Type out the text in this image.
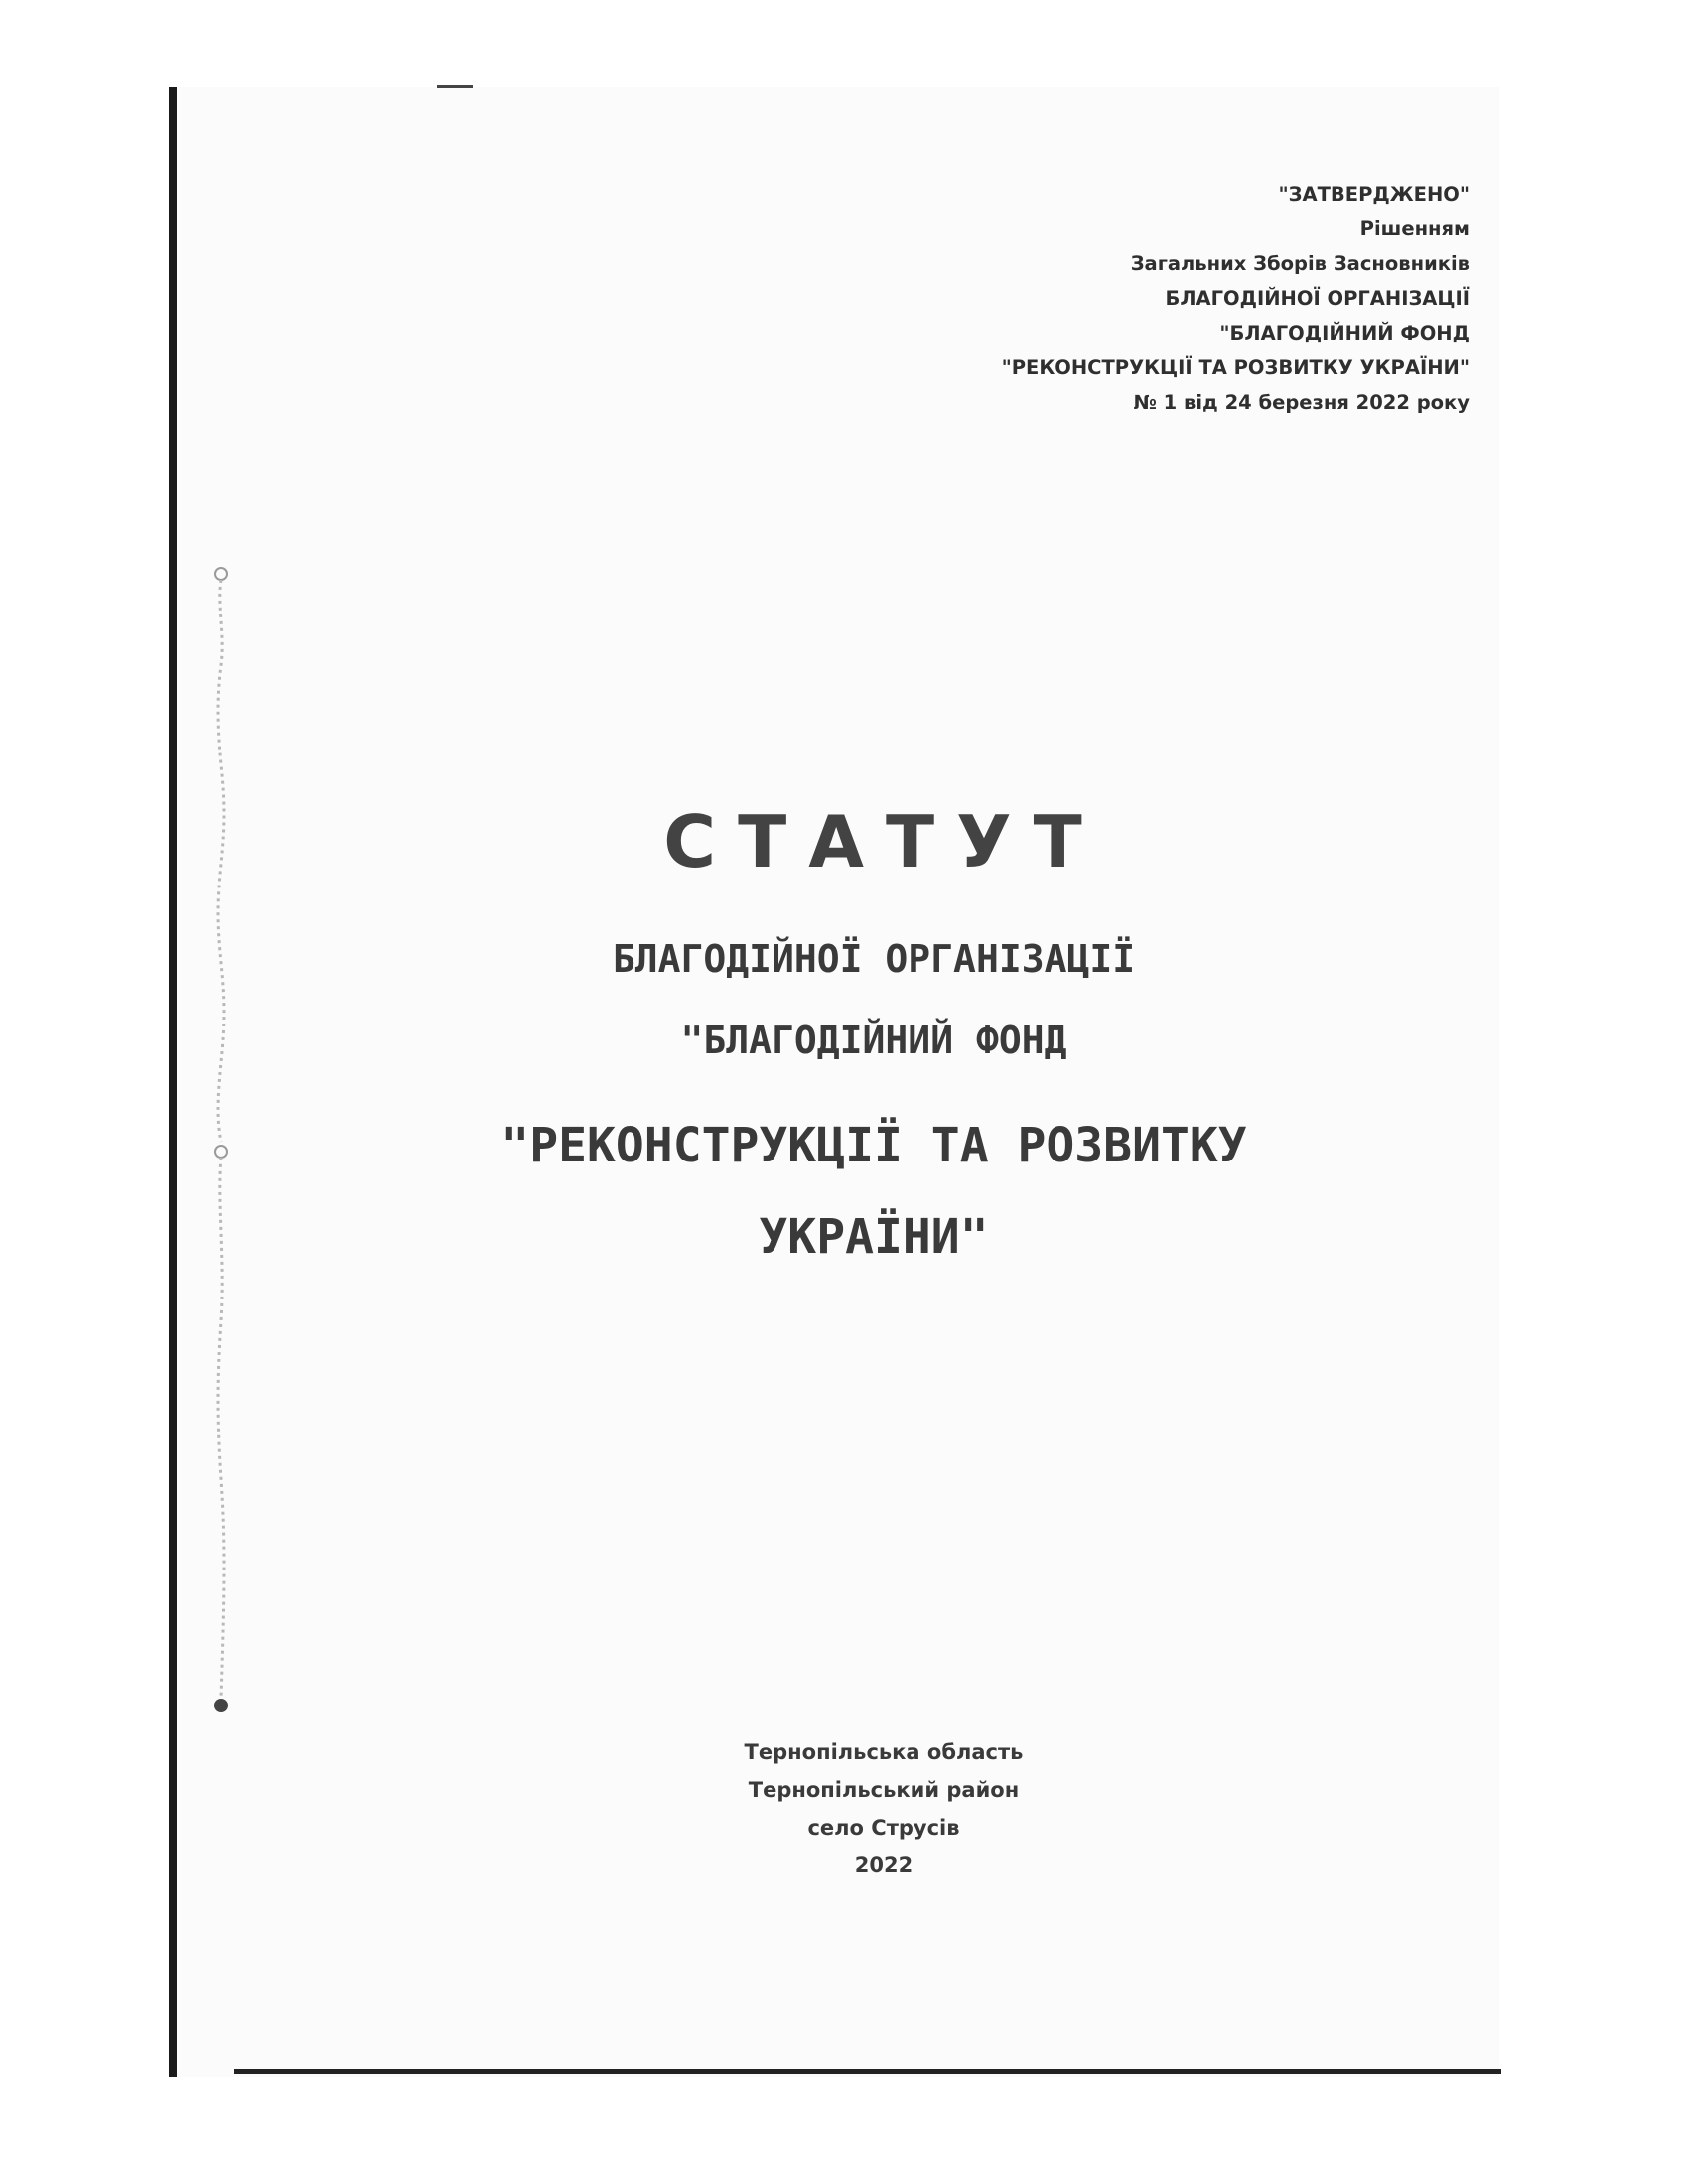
"ЗАТВЕРДЖЕНО"
Рішенням
Загальних Зборів Засновників
БЛАГОДІЙНОЇ ОРГАНІЗАЦІЇ
"БЛАГОДІЙНИЙ ФОНД
"РЕКОНСТРУКЦІЇ ТА РОЗВИТКУ УКРАЇНИ"
№ 1 від 24 березня 2022 року
СТАТУТ
БЛАГОДІЙНОЇ ОРГАНІЗАЦІЇ
"БЛАГОДІЙНИЙ ФОНД
"РЕКОНСТРУКЦІЇ ТА РОЗВИТКУ
УКРАЇНИ"
Тернопільська область
Тернопільський район
село Струсів
2022
